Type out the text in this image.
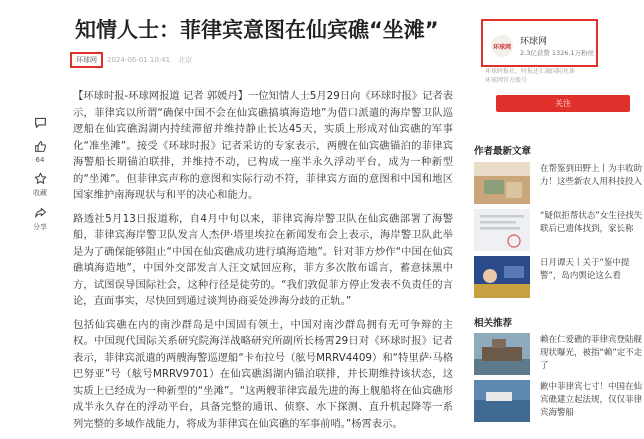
知情人士：菲律宾意图在仙宾礁“坐滩”
环球网	2024-06-01 10:41 北京
64
收藏
分享

【环球时报-环球网报道 记者 郭媛丹】一位知情人士5月29日向《环球时报》记者表示，菲律宾以所谓“确保中国不会在仙宾礁搞填海造地”为借口派遣的海岸警卫队巡逻船在仙宾礁潟湖内持续滞留并维持静止长达45天，实质上形成对仙宾礁的军事化“准坐滩”。接受《环球时报》记者采访的专家表示，两艘在仙宾礁锚泊的菲律宾海警船长期锚泊联排，并维持不动，已构成一座半永久浮动平台，成为一种新型的“坐滩”。但菲律宾声称的意图和实际行动不符，菲律宾方面的意图和中国和地区国家维护南海现状与和平的决心和能力。

路透社5月13日报道称，自4月中旬以来，菲律宾海岸警卫队在仙宾礁部署了海警船，菲律宾海岸警卫队发言人杰伊·塔里埃拉在新闻发布会上表示，海岸警卫队此举是为了确保能够阻止“中国在仙宾礁成功进行填海造地”。针对菲方炒作“中国在仙宾礁填海造地”，中国外交部发言人汪文斌回应称，菲方多次散布谣言，蓄意抹黑中方，试图误导国际社会，这种行径是徒劳的。“我们敦促菲方停止发表不负责任的言论，直面事实，尽快回到通过谈判协商妥处涉海分歧的正轨。”

包括仙宾礁在内的南沙群岛是中国固有领土，中国对南沙群岛拥有无可争辩的主权。中国现代国际关系研究院海洋战略研究所副所长杨霄29日对《环球时报》记者表示，菲律宾派遣的两艘海警巡逻船“卡布拉号（舷号MRRV4409）和“特里萨·马格巴努亚”号（舷号MRRV9701）在仙宾礁潟湖内锚泊联排，并长期维持该状态，这实质上已经成为一种新型的“坐滩”。“这两艘菲律宾最先进的海上舰船将在仙宾礁形成半永久存在的浮动平台，具备完整的通讯、侦察、水下探测、直升机起降等一系列完整的多域作战能力，将成为菲律宾在仙宾礁的军事前哨。”杨霄表示。

环球网 环球网
2.3亿获赞 1326.1万粉丝
环球时报社，时报还汇融国际化体
环球网官方账号
关注
作者最新文章
在帮鉴到田野上丨为丰收助力！这些新农人用科技投入
“疑似拒帮状态”女生径找失联后已遗体找到，家长称
日月谭天丨关于“鉴中提警”，岛内舆论这么看
相关推荐
赖在仁爱礁的菲律宾登陆舰现状曝光，被指“赖”定不走了
歉中菲律宾七寸！中国在仙宾礁建立起法规，仅仅菲律宾海警船
